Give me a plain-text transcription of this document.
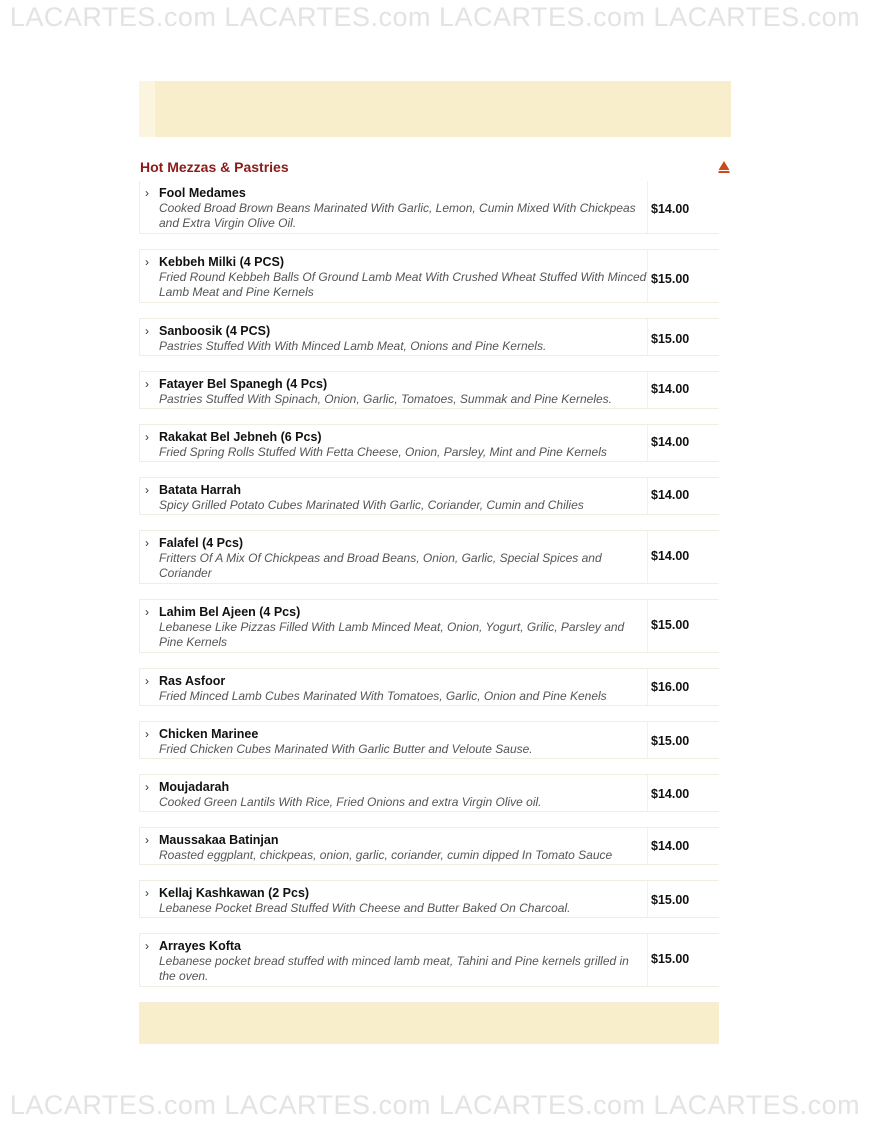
LACARTES.com LACARTES.com LACARTES.com LACARTES.com
Hot Mezzas & Pastries
› Fool Medames
Cooked Broad Brown Beans Marinated With Garlic, Lemon, Cumin Mixed With Chickpeas and Extra Virgin Olive Oil.
$14.00
› Kebbeh Milki (4 PCS)
Fried Round Kebbeh Balls Of Ground Lamb Meat With Crushed Wheat Stuffed With Minced Lamb Meat and Pine Kernels
$15.00
› Sanboosik (4 PCS)
Pastries Stuffed With With Minced Lamb Meat, Onions and Pine Kernels.	$15.00
› Fatayer Bel Spanegh (4 Pcs)
Pastries Stuffed With Spinach, Onion, Garlic, Tomatoes, Summak and Pine Kerneles.
$14.00
› Rakakat Bel Jebneh (6 Pcs)
Fried Spring Rolls Stuffed With Fetta Cheese, Onion, Parsley, Mint and Pine Kernels
$14.00
› Batata Harrah
Spicy Grilled Potato Cubes Marinated With Garlic, Coriander, Cumin and Chilies
$14.00
› Falafel (4 Pcs)
Fritters Of A Mix Of Chickpeas and Broad Beans, Onion, Garlic, Special Spices and Coriander
$14.00
› Lahim Bel Ajeen (4 Pcs)
Lebanese Like Pizzas Filled With Lamb Minced Meat, Onion, Yogurt, Grilic, Parsley and Pine Kernels
$15.00
› Ras Asfoor
Fried Minced Lamb Cubes Marinated With Tomatoes, Garlic, Onion and Pine Kenels
$16.00
› Chicken Marinee
Fried Chicken Cubes Marinated With Garlic Butter and Veloute Sause.
$15.00
› Moujadarah
Cooked Green Lantils With Rice, Fried Onions and extra Virgin Olive oil.
$14.00
› Maussakaa Batinjan
Roasted eggplant, chickpeas, onion, garlic, coriander, cumin dipped In Tomato Sauce
$14.00
› Kellaj Kashkawan (2 Pcs)
Lebanese Pocket Bread Stuffed With Cheese and Butter Baked On Charcoal.
$15.00
› Arrayes Kofta
Lebanese pocket bread stuffed with minced lamb meat, Tahini and Pine kernels grilled in the oven.
$15.00
LACARTES.com LACARTES.com LACARTES.com LACARTES.com
